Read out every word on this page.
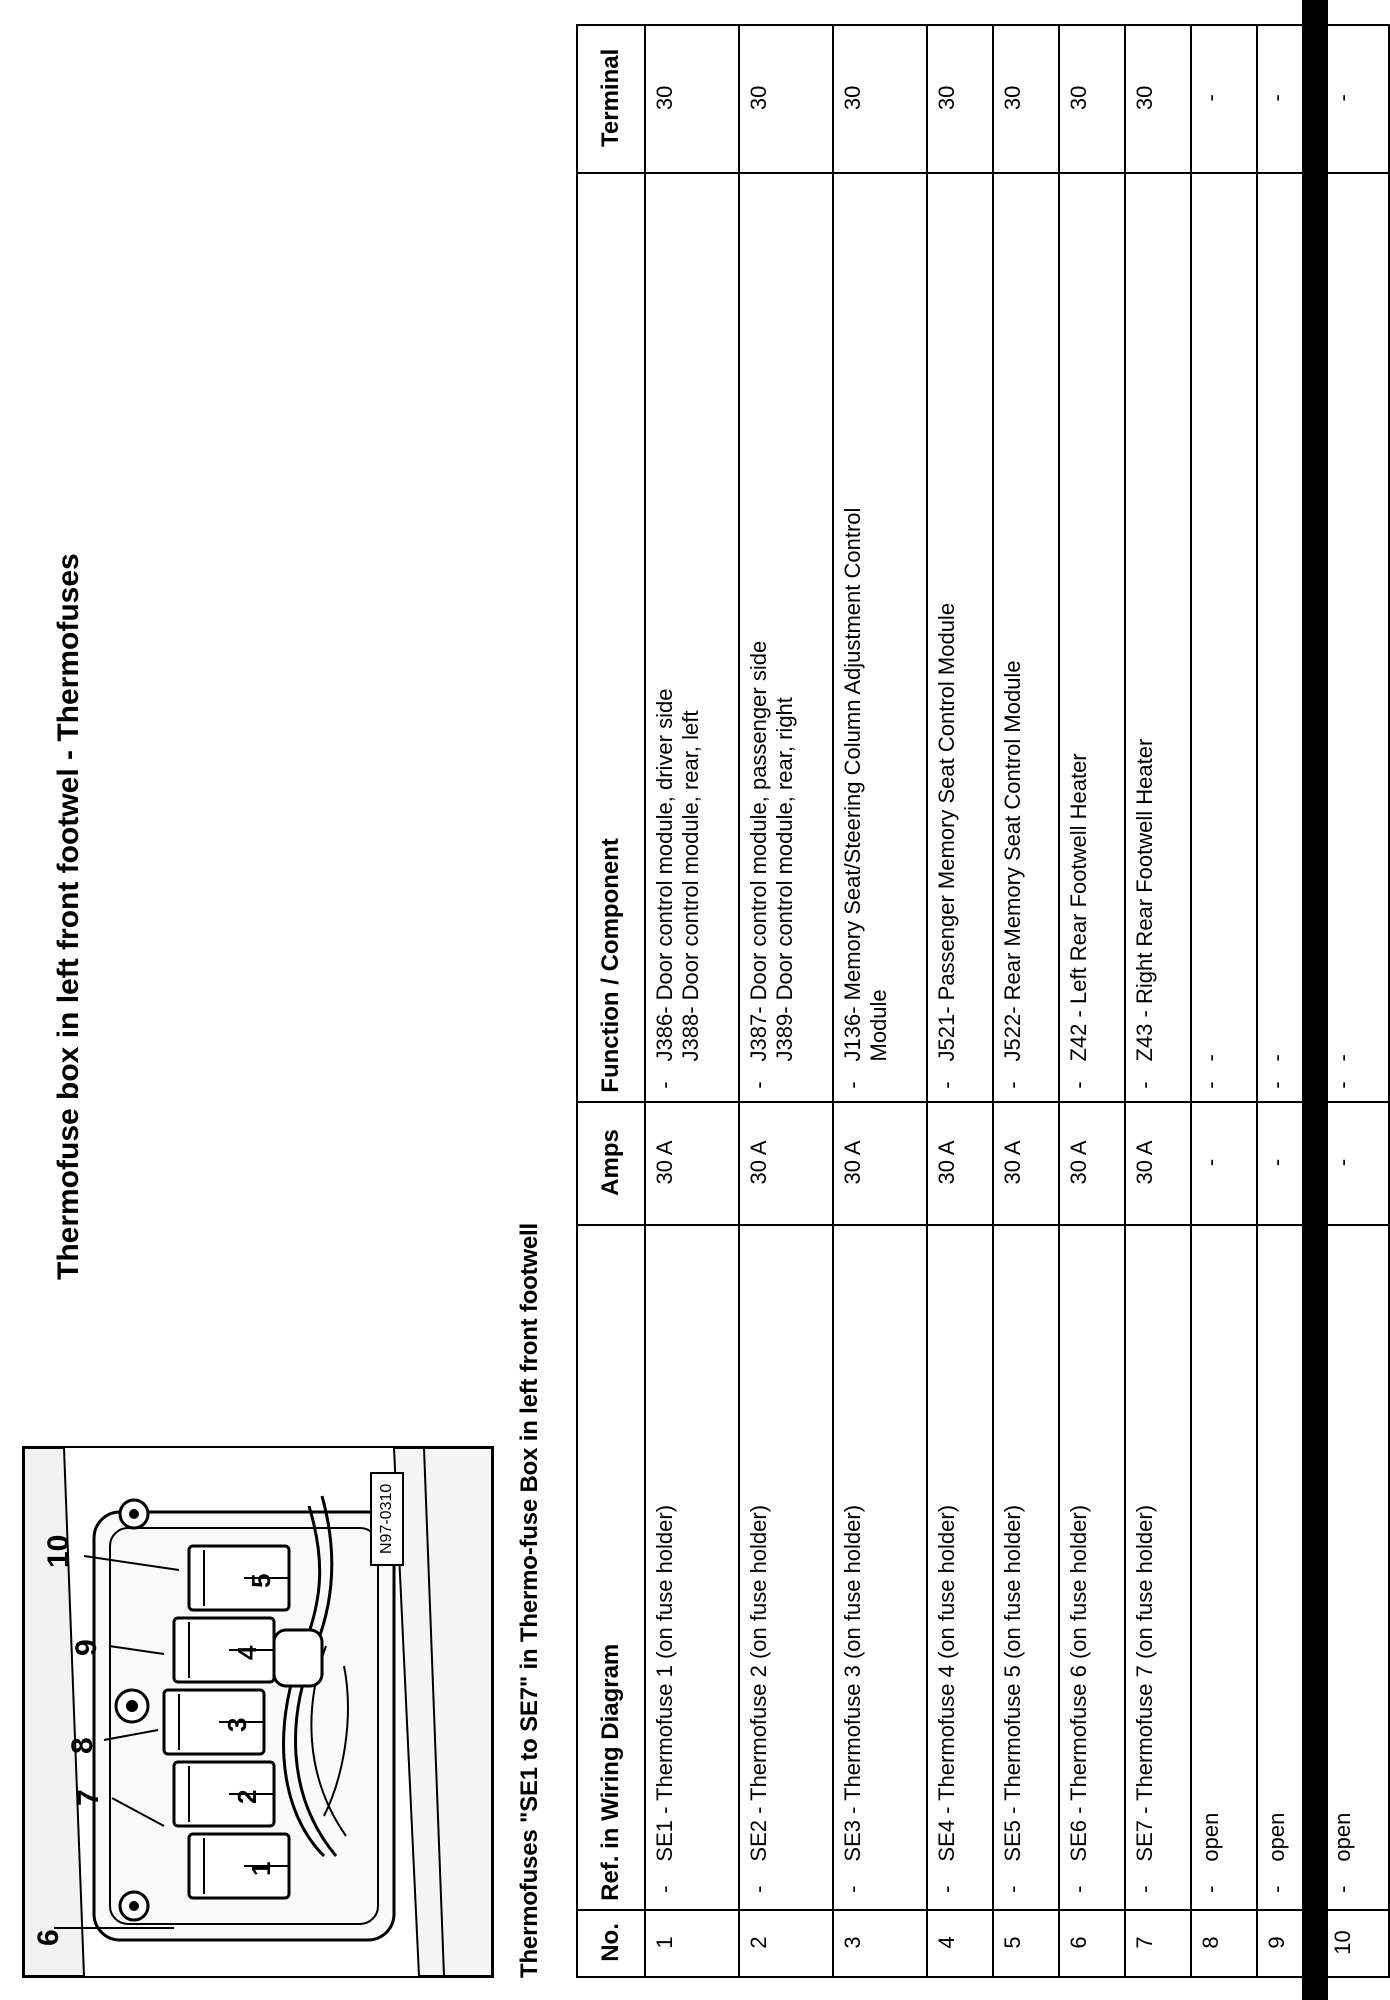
Thermofuse box in left front footwel - Thermofuses
6
7
8
9
10
1
2
3
4
5
N97-0310	Thermofuses "SE1 to SE7" in Thermo-fuse Box in left front footwell No.	Ref. in Wiring Diagram		Amps	Function / Component		Terminal
1	-	SE1 - Thermofuse 1 (on fuse holder)	30 A	-	J386- Door control module, driver side J388- Door control module, rear, left	30
2	-	SE2 - Thermofuse 2 (on fuse holder)	30 A	-	J387- Door control module, passenger side J389- Door control module, rear, right	30
3	-	SE3 - Thermofuse 3 (on fuse holder)	30 A	-	J136- Memory Seat/Steering Column Adjustment Control Module	30
4	-	SE4 - Thermofuse 4 (on fuse holder)	30 A	-	J521- Passenger Memory Seat Control Module	30
5	-	SE5 - Thermofuse 5 (on fuse holder)	30 A	-	J522- Rear Memory Seat Control Module	30
6	-	SE6 - Thermofuse 6 (on fuse holder)	30 A	-	Z42 - Left Rear Footwell Heater	30
7	-	SE7 - Thermofuse 7 (on fuse holder)	30 A	-	Z43 - Right Rear Footwell Heater	30
8	-	open	-	-	-	-
9	-	open	-	-	-	-
10	-	open	-	-	-	-
